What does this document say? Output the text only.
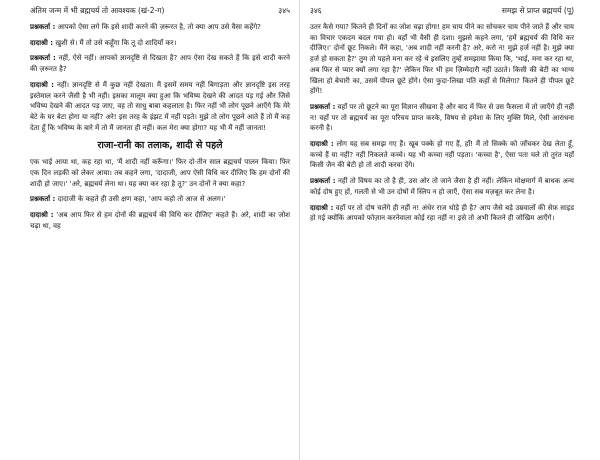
अंतिम जन्म में भी ब्रह्मचर्य तो आवश्यक (खं-2-ग)	३४५

प्रश्नकर्ता : आपको ऐसा लगे कि इसे शादी करने की ज़रूरत है, तो क्या आप उसे वैसा कहेंगे?

दादाश्री : ख़ुशी से। मैं तो उसे कहूँगा कि तू दो शादियाँ कर।

प्रश्नकर्ता : नहीं, ऐसे नहीं। आपको ज्ञानदृष्टि से दिखता है? आप ऐसा देख सकते हैं कि इसे शादी करने की ज़रूरत है?

दादाश्री : नहीं। ज्ञानदृष्टि से मैं कुछ नहीं देखता। मैं इसमें समय नहीं बिगाड़ता और ज्ञानदृष्टि इस तरह इस्तेमाल करने जैसी है भी नहीं। इसका मालूम क्या हुआ कि भविष्य देखने की आदत पड़ गई और जिसे भविष्य देखने की आदत पड़ जाए, वह तो साधु बाबा कहलाता है। फिर नहीं भी लोग पूछने आएँगे कि मेरे बेटे के घर बेटा होगा या नहीं? अरे! इस तरह के इंझट में नहीं पड़ते। मुझे तो लोग पूछने आते हैं तो मैं कह देता हूँ कि भविष्य के बारे में तो मैं जानता ही नहीं। कल मेरा क्या होगा? यह भी मैं नहीं जानता!

राजा-रानी का तलाक, शादी से पहले

एक भाई आया था, कह रहा था, 'मैं शादी नहीं करूँगा।' फिर दो-तीन साल ब्रह्मचर्य पालन किया। फिर एक दिन लड़की को लेकर आया। तब कहने लगा, 'दादाजी, आप ऐसी विधि कर दीजिए कि हम दोनों की शादी हो जाए।' 'अरे, ब्रह्मचर्य लेना था। यह क्या कर रहा है तू?' उन दोनों ने क्या कहा?

प्रश्नकर्ता : दादाजी के कहते ही उसी क्षण कहा, 'आप कहो तो आज से अलग।'

दादाश्री : 'अब आप फिर से हम दोनों की ब्रह्मचर्य की विधि कर दीजिए' कहते हैं। अरे, शादी का जोश चढ़ा था, वह

३४६	समझ से प्राप्त ब्रह्मचर्य (पू)

उतर कैसे गया? कितने ही दिनों का जोश चढ़ा होगा! हम चाय पीने का सोचकर चाय पीने जाते हैं और चाय का विचार एकदम बदल गया हो। वहाँ भी वैसी ही दशा। मुझसे कहने लगा, 'हमें ब्रह्मचर्य की विधि कर दीजिए।' दोनों छूट निकले। मैंने कहा, 'अब शादी नहीं करनी है? अरे, करो न! मुझे हर्ज नहीं है। मुझे क्या हर्ज हो सकता है?' तुम तो पहले मना कर रहे थे इसलिए तुम्हें समझाया किया कि, 'भाई, मना कर रहा था, अब फिर से प्यार क्यों लगा रहा है?' लेकिन फिर भी हम ज़िम्मेदारी नहीं उठाते। किसी की बेटी का भाग्य खिला हो बेचारी का, उसमें पीपल छूटे होंगे। ऐसा फुदा-लिखा पति कहाँ से मिलेगा? कितने ही पीपल छूटे होंगे!

प्रश्नकर्ता : वहाँ पर तो छूटने का पूरा विज्ञान सीखना है और बाद में फिर से उस फैसला में तो जाएँगे ही नहीं न! वहाँ पर तो ब्रह्मचर्य का पूरा परिचय प्राप्त करके, विषय से हमेशा के लिए मुक्ति मिले, ऐसी आराधना करनी है।

दादाश्री : लोग यह सब समझ गए हैं। खूब पक्के हो गए हैं, हाँ! मैं तो सिक्के को जाँचकर देख लेता हूँ, कच्चे हैं या नहीं? नहीं निकलते कच्चे। यह भी कच्चा नहीं पड़ता। 'कच्चा है', ऐसा पता चले तो तुरंत यहाँ किसी जैन की बेटी हो तो शादी करवा देंगे।

प्रश्नकर्ता : नहीं तो विषय का तो है ही, उस ओर तो जाने जैसा है ही नहीं। लेकिन मोक्षमार्ग में बाधक अन्य कोई दोष हुए हों, गलती से भी उन दोषों में स्लिप न हो जाएँ, ऐसा सब मज़बूत कर लेना है।

दादाश्री : वहाँ पर तो दोष चलेंगे ही नहीं न! अंधेर राज थोड़े ही है? आप जैसे बड़े उम्रवालों की सेफ़ साइड हो गई क्योंकि आपको फोज़ान करनेवाला कोई रहा नहीं न! इसे तो अभी कितने ही जोखिम आएँगे।
